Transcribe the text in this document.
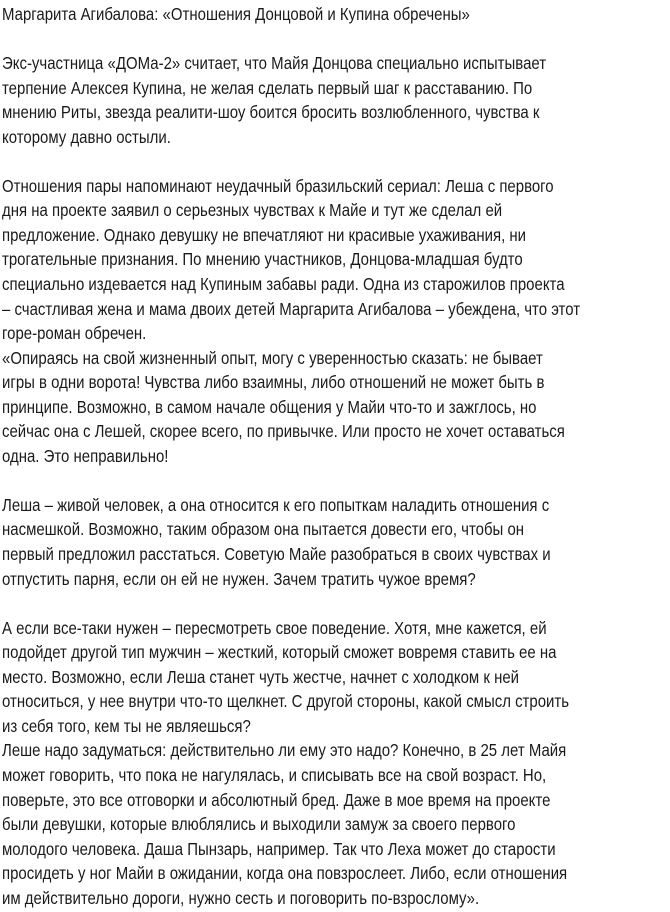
Маргарита Агибалова: «Отношения Донцовой и Купина обречены»
Экс-участница «ДОМа-2» считает, что Майя Донцова специально испытывает
терпение Алексея Купина, не желая сделать первый шаг к расставанию. По
мнению Риты, звезда реалити-шоу боится бросить возлюбленного, чувства к
которому давно остыли.
Отношения пары напоминают неудачный бразильский сериал: Леша с первого
дня на проекте заявил о серьезных чувствах к Майе и тут же сделал ей
предложение. Однако девушку не впечатляют ни красивые ухаживания, ни
трогательные признания. По мнению участников, Донцова-младшая будто
специально издевается над Купиным забавы ради. Одна из старожилов проекта
– счастливая жена и мама двоих детей Маргарита Агибалова – убеждена, что этот
горе-роман обречен.
«Опираясь на свой жизненный опыт, могу с уверенностью сказать: не бывает
игры в одни ворота! Чувства либо взаимны, либо отношений не может быть в
принципе. Возможно, в самом начале общения у Майи что-то и зажглось, но
сейчас она с Лешей, скорее всего, по привычке. Или просто не хочет оставаться
одна. Это неправильно!
Леша – живой человек, а она относится к его попыткам наладить отношения с
насмешкой. Возможно, таким образом она пытается довести его, чтобы он
первый предложил расстаться. Советую Майе разобраться в своих чувствах и
отпустить парня, если он ей не нужен. Зачем тратить чужое время?
А если все-таки нужен – пересмотреть свое поведение. Хотя, мне кажется, ей
подойдет другой тип мужчин – жесткий, который сможет вовремя ставить ее на
место. Возможно, если Леша станет чуть жестче, начнет с холодком к ней
относиться, у нее внутри что-то щелкнет. С другой стороны, какой смысл строить
из себя того, кем ты не являешься?
Леше надо задуматься: действительно ли ему это надо? Конечно, в 25 лет Майя
может говорить, что пока не нагулялась, и списывать все на свой возраст. Но,
поверьте, это все отговорки и абсолютный бред. Даже в мое время на проекте
были девушки, которые влюблялись и выходили замуж за своего первого
молодого человека. Даша Пынзарь, например. Так что Леха может до старости
просидеть у ног Майи в ожидании, когда она повзрослеет. Либо, если отношения
им действительно дороги, нужно сесть и поговорить по-взрослому».
